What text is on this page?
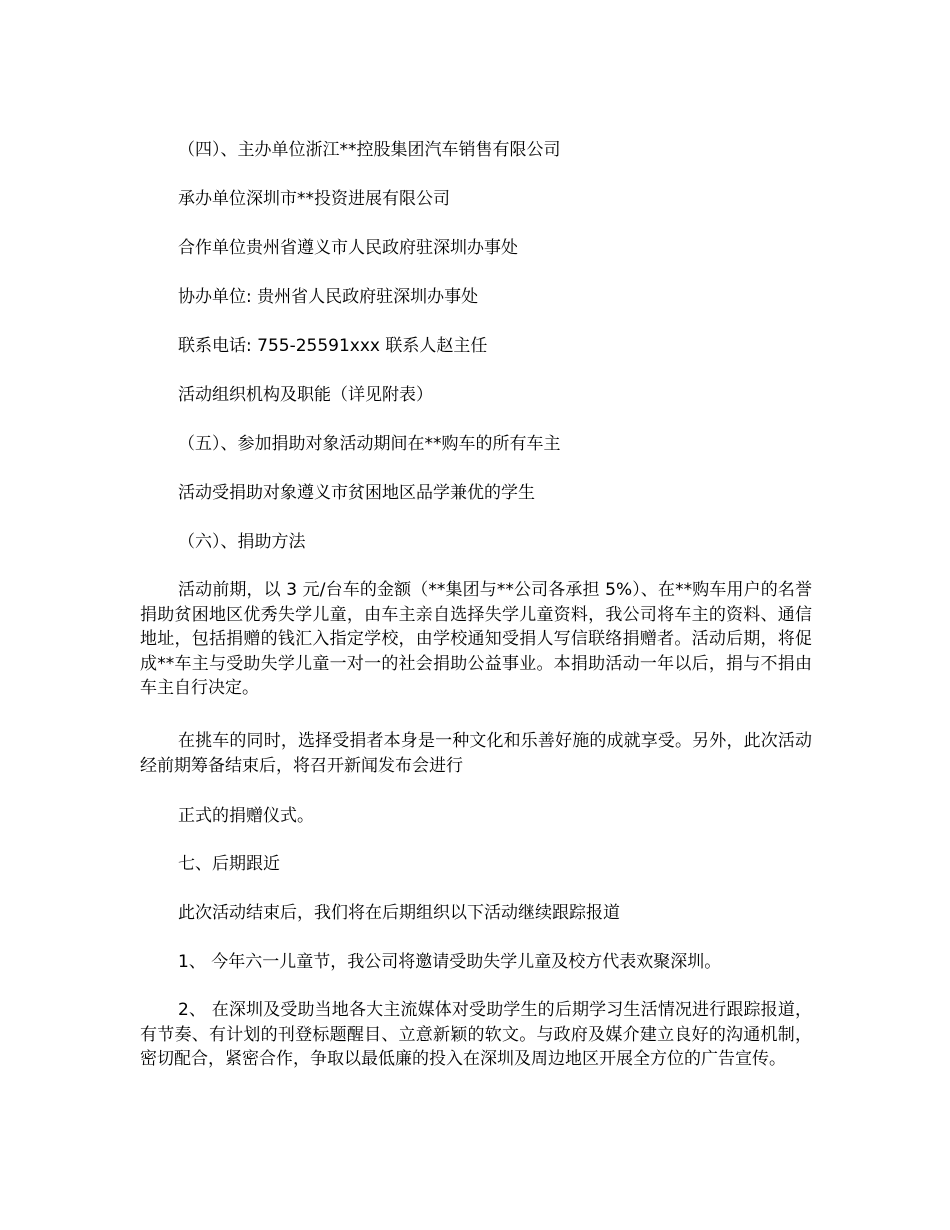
（四）、主办单位浙江**控股集团汽车销售有限公司

承办单位深圳市**投资进展有限公司

合作单位贵州省遵义市人民政府驻深圳办事处

协办单位: 贵州省人民政府驻深圳办事处

联系电话: 755-25591xxx 联系人赵主任

活动组织机构及职能（详见附表）

（五）、参加捐助对象活动期间在**购车的所有车主

活动受捐助对象遵义市贫困地区品学兼优的学生

（六）、捐助方法

活动前期，以 3 元/台车的金额（**集团与**公司各承担 5%）、在**购车用户的名誉捐助贫困地区优秀失学儿童，由车主亲自选择失学儿童资料，我公司将车主的资料、通信地址，包括捐赠的钱汇入指定学校，由学校通知受捐人写信联络捐赠者。活动后期，将促成**车主与受助失学儿童一对一的社会捐助公益事业。本捐助活动一年以后，捐与不捐由车主自行决定。

在挑车的同时，选择受捐者本身是一种文化和乐善好施的成就享受。另外，此次活动经前期筹备结束后，将召开新闻发布会进行

正式的捐赠仪式。

七、后期跟近

此次活动结束后，我们将在后期组织以下活动继续跟踪报道

1、 今年六一儿童节，我公司将邀请受助失学儿童及校方代表欢聚深圳。

2、 在深圳及受助当地各大主流媒体对受助学生的后期学习生活情况进行跟踪报道，有节奏、有计划的刊登标题醒目、立意新颖的软文。与政府及媒介建立良好的沟通机制，密切配合，紧密合作，争取以最低廉的投入在深圳及周边地区开展全方位的广告宣传。
